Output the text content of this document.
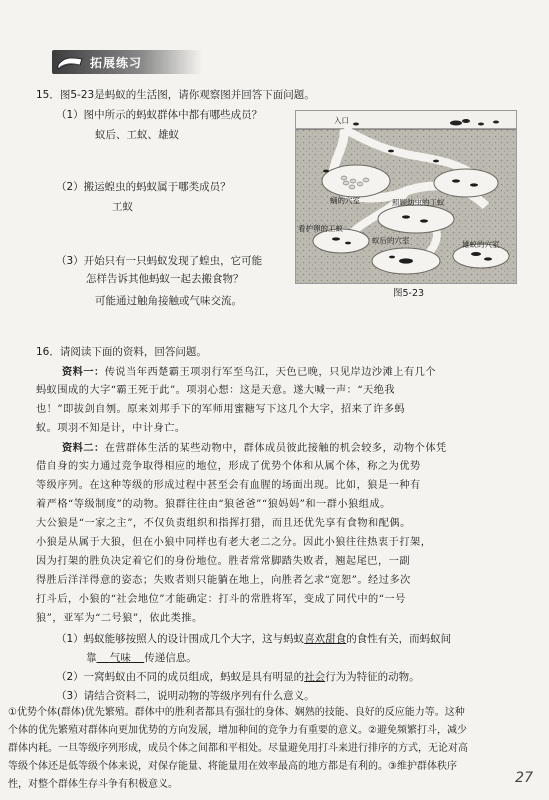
拓展练习
15．图5-23是蚂蚁的生活图，请你观察图并回答下面问题。
（1）图中所示的蚂蚁群体中都有哪些成员？
蚁后、工蚁、雄蚁
（2）搬运蝗虫的蚂蚁属于哪类成员？
工蚁
（3）开始只有一只蚂蚁发现了蝗虫，它可能
怎样告诉其他蚂蚁一起去搬食物？
可能通过触角接触或气味交流。
入口
蛹的穴室	照顾幼虫的工蚁
看护卵的工蚁
蚁后的穴室	雄蚁的穴室
图5-23
16．请阅读下面的资料，回答问题。
资料一：传说当年西楚霸王项羽行军至乌江，天色已晚，只见岸边沙滩上有几个
蚂蚁围成的大字“霸王死于此”。项羽心想：这是天意。遂大喊一声：“天绝我
也！”即拔剑自刎。原来刘邦手下的军师用蜜糖写下这几个大字，招来了许多蚂
蚁。项羽不知是计，中计身亡。
资料二：在营群体生活的某些动物中，群体成员彼此接触的机会较多，动物个体凭
借自身的实力通过竞争取得相应的地位，形成了优势个体和从属个体，称之为优势
等级序列。在这种等级的形成过程中甚至会有血腥的场面出现。比如，狼是一种有
着严格“等级制度”的动物。狼群往往由“狼爸爸”“狼妈妈”和一群小狼组成。
大公狼是“一家之主”，不仅负责组织和指挥打猎，而且还优先享有食物和配偶。
小狼是从属于大狼，但在小狼中同样也有老大老二之分。因此小狼往往热衷于打架，
因为打架的胜负决定着它们的身份地位。胜者常常脚踏失败者，翘起尾巴，一副
得胜后洋洋得意的姿态；失败者则只能躺在地上，向胜者乞求“宽恕”。经过多次
打斗后，小狼的“社会地位”才能确定：打斗的常胜将军，变成了同代中的“一号
狼”，亚军为“二号狼”，依此类推。
（1）蚂蚁能够按照人的设计围成几个大字，这与蚂蚁喜欢甜食的食性有关，而蚂蚁间
靠 气味 传递信息。
（2）一窝蚂蚁由不同的成员组成，蚂蚁是具有明显的社会行为为特征的动物。
（3）请结合资料二，说明动物的等级序列有什么意义。
①优势个体(群体)优先繁殖。群体中的胜利者都具有强壮的身体、娴熟的技能、良好的反应能力等。这种
个体的优先繁殖对群体向更加优势的方向发展，增加种间的竞争力有重要的意义。②避免频繁打斗，减少
群体内耗。一旦等级序列形成，成员个体之间都和平相处。尽量避免用打斗来进行排序的方式，无论对高
等级个体还是低等级个体来说，对保存能量、将能量用在效率最高的地方都是有利的。③维护群体秩序
性，对整个群体生存斗争有积极意义。	27
